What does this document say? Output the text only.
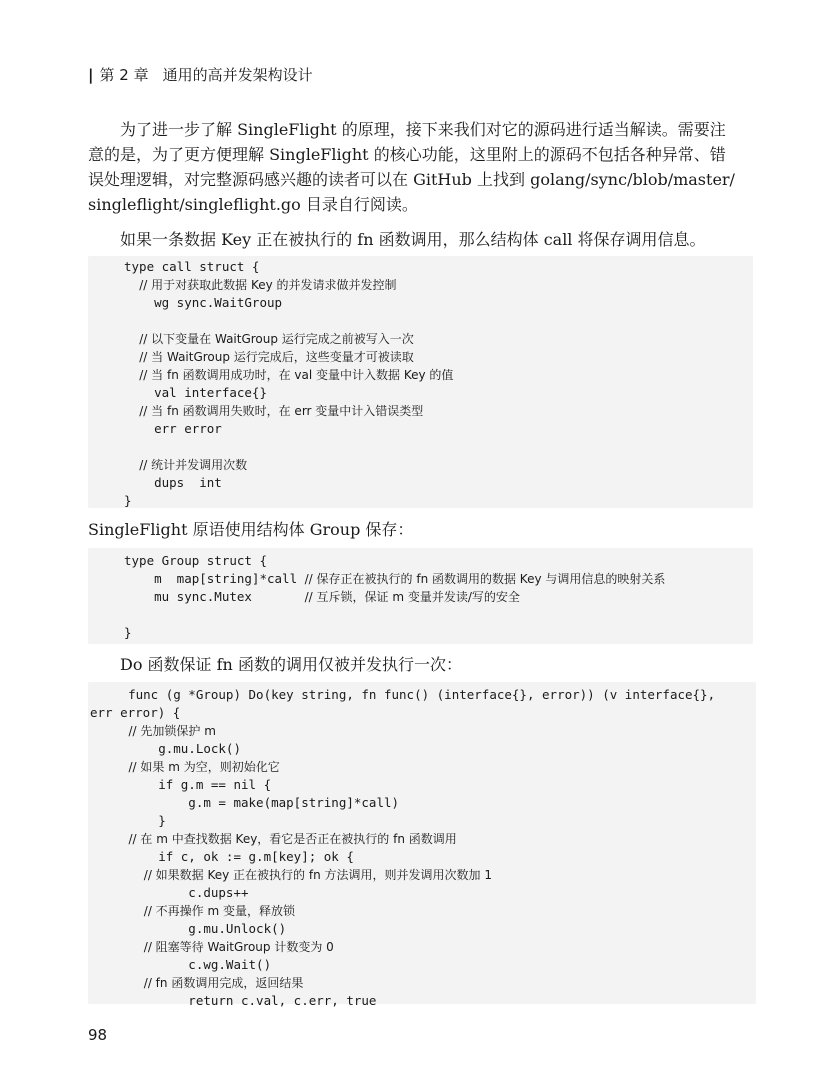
| 第 2 章 通用的高并发架构设计

为了进一步了解 SingleFlight 的原理，接下来我们对它的源码进行适当解读。需要注

意的是，为了更方便理解 SingleFlight 的核心功能，这里附上的源码不包括各种异常、错

误处理逻辑，对完整源码感兴趣的读者可以在 GitHub 上找到 golang/sync/blob/master/

singleflight/singleflight.go 目录自行阅读。

如果一条数据 Key 正在被执行的 fn 函数调用，那么结构体 call 将保存调用信息。

type call struct {
// 用于对获取此数据 Key 的并发请求做并发控制
wg sync.WaitGroup
// 以下变量在 WaitGroup 运行完成之前被写入一次
// 当 WaitGroup 运行完成后，这些变量才可被读取
// 当 fn 函数调用成功时，在 val 变量中计入数据 Key 的值
val interface{}
// 当 fn 函数调用失败时，在 err 变量中计入错误类型
err error
// 统计并发调用次数
dups  int
}

SingleFlight 原语使用结构体 Group 保存：

type Group struct {
m  map[string]*call // 保存正在被执行的 fn 函数调用的数据 Key 与调用信息的映射关系
mu sync.Mutex       // 互斥锁，保证 m 变量并发读/写的安全
}

Do 函数保证 fn 函数的调用仅被并发执行一次：

func (g *Group) Do(key string, fn func() (interface{}, error)) (v interface{},
err error) {
// 先加锁保护 m
g.mu.Lock()
// 如果 m 为空，则初始化它
if g.m == nil {
g.m = make(map[string]*call)
}
// 在 m 中查找数据 Key，看它是否正在被执行的 fn 函数调用
if c, ok := g.m[key]; ok {
// 如果数据 Key 正在被执行的 fn 方法调用，则并发调用次数加 1
c.dups++
// 不再操作 m 变量，释放锁
g.mu.Unlock()
// 阻塞等待 WaitGroup 计数变为 0
c.wg.Wait()
// fn 函数调用完成，返回结果
return c.val, c.err, true
98
